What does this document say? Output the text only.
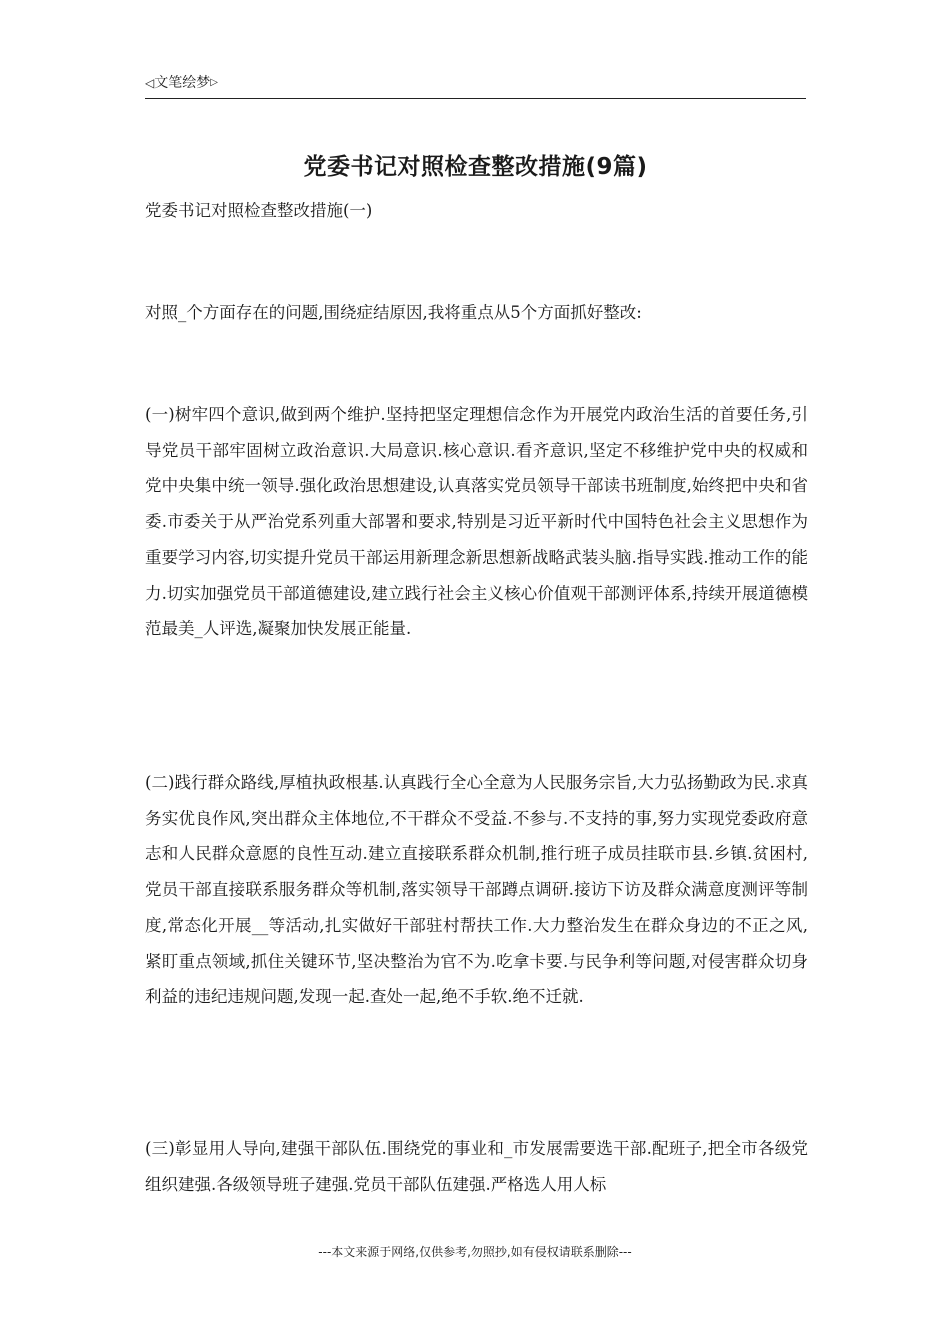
◁文笔绘梦▷
党委书记对照检查整改措施(9篇)
党委书记对照检查整改措施(一)

对照_个方面存在的问题,围绕症结原因,我将重点从5个方面抓好整改:

(一)树牢四个意识,做到两个维护.坚持把坚定理想信念作为开展党内政治生活的首要任务,引导党员干部牢固树立政治意识.大局意识.核心意识.看齐意识,坚定不移维护党中央的权威和党中央集中统一领导.强化政治思想建设,认真落实党员领导干部读书班制度,始终把中央和省委.市委关于从严治党系列重大部署和要求,特别是习近平新时代中国特色社会主义思想作为重要学习内容,切实提升党员干部运用新理念新思想新战略武装头脑.指导实践.推动工作的能力.切实加强党员干部道德建设,建立践行社会主义核心价值观干部测评体系,持续开展道德模范最美_人评选,凝聚加快发展正能量.

(二)践行群众路线,厚植执政根基.认真践行全心全意为人民服务宗旨,大力弘扬勤政为民.求真务实优良作风,突出群众主体地位,不干群众不受益.不参与.不支持的事,努力实现党委政府意志和人民群众意愿的良性互动.建立直接联系群众机制,推行班子成员挂联市县.乡镇.贫困村,党员干部直接联系服务群众等机制,落实领导干部蹲点调研.接访下访及群众满意度测评等制度,常态化开展__等活动,扎实做好干部驻村帮扶工作.大力整治发生在群众身边的不正之风,紧盯重点领域,抓住关键环节,坚决整治为官不为.吃拿卡要.与民争利等问题,对侵害群众切身利益的违纪违规问题,发现一起.查处一起,绝不手软.绝不迁就.

(三)彰显用人导向,建强干部队伍.围绕党的事业和_市发展需要选干部.配班子,把全市各级党组织建强.各级领导班子建强.党员干部队伍建强.严格选人用人标

---本文来源于网络,仅供参考,勿照抄,如有侵权请联系删除---
